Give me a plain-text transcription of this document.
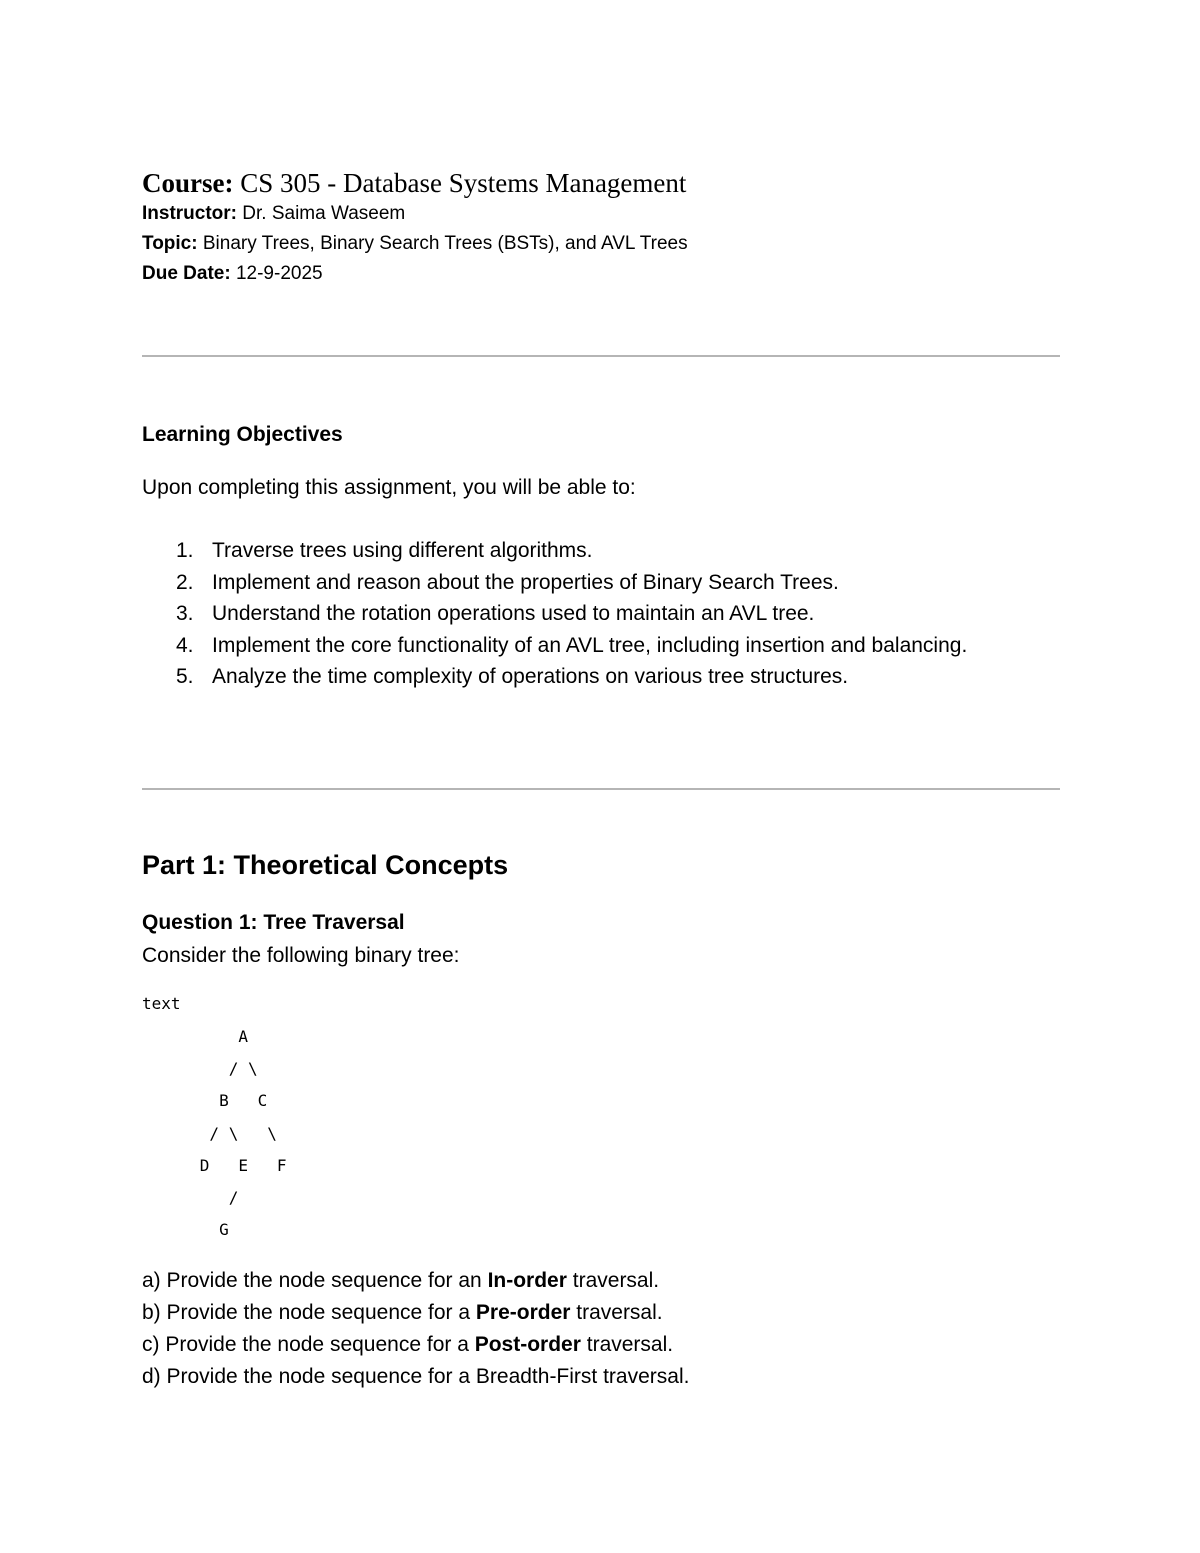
Course: CS 305 - Database Systems Management
Instructor: Dr. Saima Waseem
Topic: Binary Trees, Binary Search Trees (BSTs), and AVL Trees
Due Date: 12-9-2025
Learning Objectives
Upon completing this assignment, you will be able to:
1. Traverse trees using different algorithms.
2. Implement and reason about the properties of Binary Search Trees.
3. Understand the rotation operations used to maintain an AVL tree.
4. Implement the core functionality of an AVL tree, including insertion and balancing.
5. Analyze the time complexity of operations on various tree structures.
Part 1: Theoretical Concepts
Question 1: Tree Traversal
Consider the following binary tree:
text
A
/ \
B   C
/ \   \
D   E   F
/
G
a) Provide the node sequence for an In-order traversal.
b) Provide the node sequence for a Pre-order traversal.
c) Provide the node sequence for a Post-order traversal.
d) Provide the node sequence for a Breadth-First traversal.
